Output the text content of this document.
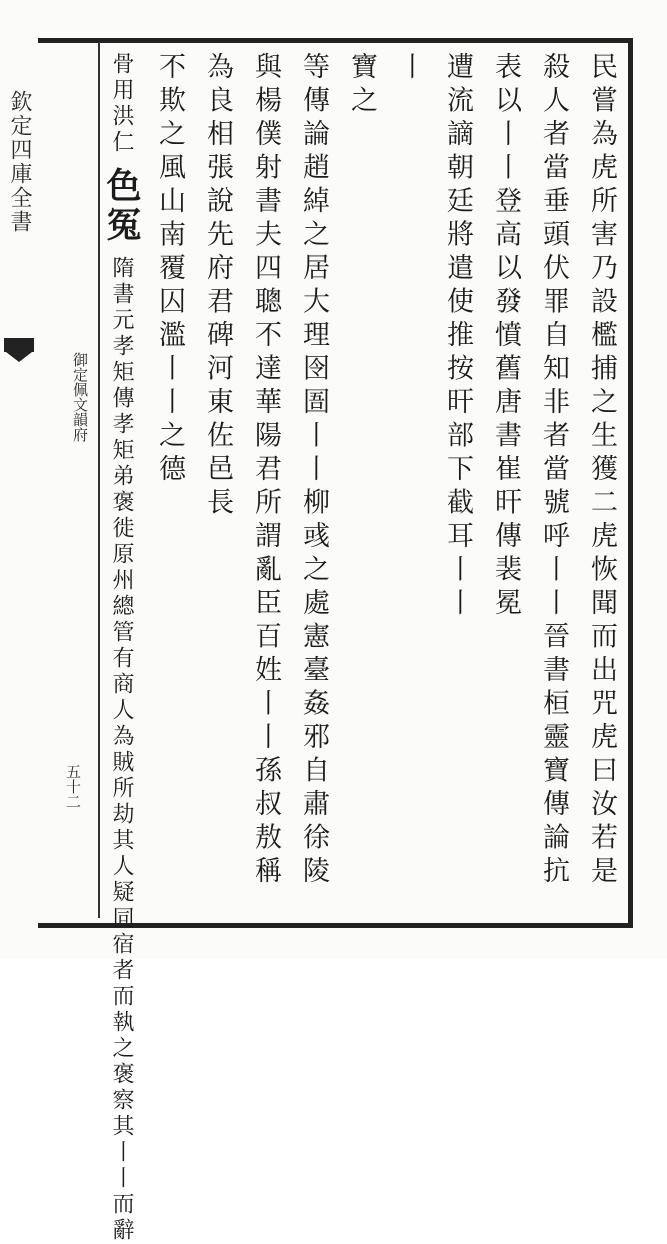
欽定四庫全書
御定佩文韻府
五十二	民嘗為虎所害乃設檻捕之生獲二虎恢聞而出咒虎曰汝若是
殺人者當垂頭伏罪自知非者當號呼丨丨晉書桓靈寶傳論抗
表以丨丨登高以發憤舊唐書崔旰傳裴冕
遭流謫朝廷將遣使推按旰部下截耳丨丨
丨
寶之
等傳論趙綽之居大理囹圄丨丨柳彧之處憲臺姦邪自肅徐陵
與楊僕射書夫四聰不達華陽君所謂亂臣百姓丨丨孫叔敖稱
為良相張說先府君碑河東佐邑長
不欺之風山南覆囚濫丨丨之德
骨用洪仁 色冤 隋書元孝矩傳孝矩弟褒徙原州總管有商人為賊所劫其人疑同宿者而執之褒察其丨丨而辭
